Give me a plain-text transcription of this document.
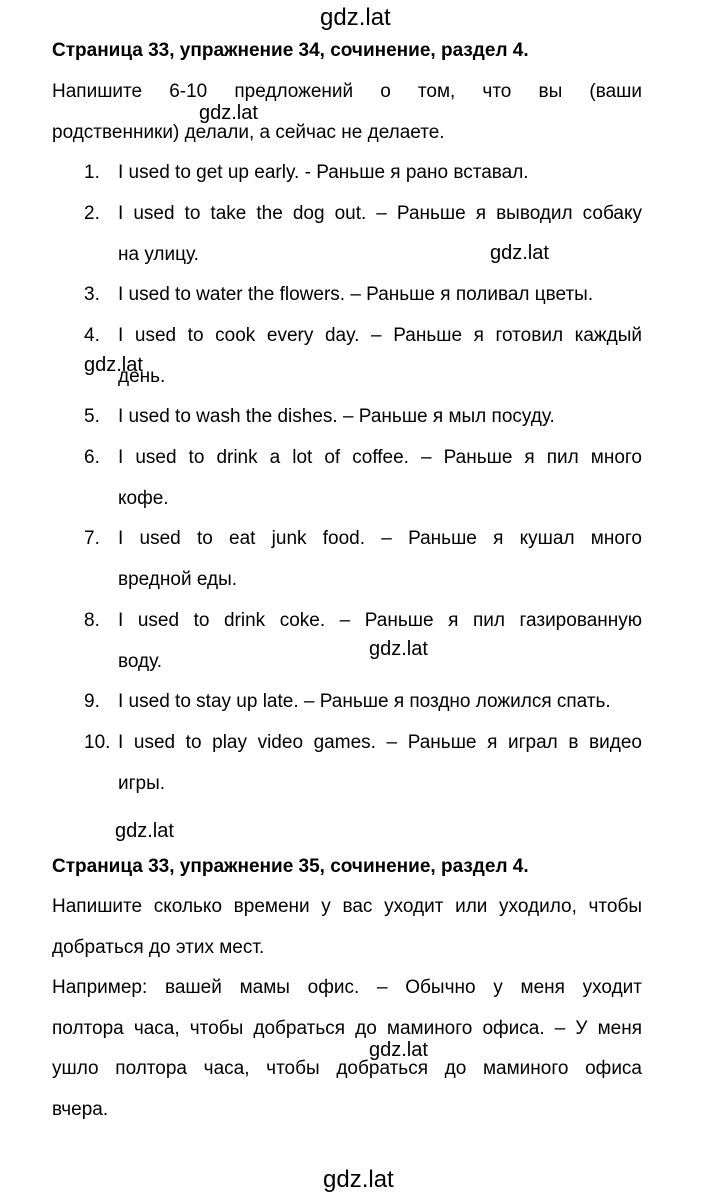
gdz.lat
gdz.lat
gdz.lat
gdz.lat
gdz.lat
gdz.lat
gdz.lat
gdz.lat
Страница 33, упражнение 34, сочинение, раздел 4.
Напишите 6-10 предложений о том, что вы (ваши
родственники) делали, а сейчас не делаете.
1. I used to get up early. - Раньше я рано вставал.
2. I used to take the dog out. – Раньше я выводил собаку
на улицу.
3. I used to water the flowers. – Раньше я поливал цветы.
4. I used to cook every day. – Раньше я готовил каждый
день.
5. I used to wash the dishes. – Раньше я мыл посуду.
6. I used to drink a lot of coffee. – Раньше я пил много
кофе.
7. I used to eat junk food. – Раньше я кушал много
вредной еды.
8. I used to drink coke. – Раньше я пил газированную
воду.
9. I used to stay up late. – Раньше я поздно ложился спать.
10. I used to play video games. – Раньше я играл в видео
игры.
Страница 33, упражнение 35, сочинение, раздел 4.
Напишите сколько времени у вас уходит или уходило, чтобы
добраться до этих мест.
Например: вашей мамы офис. – Обычно у меня уходит
полтора часа, чтобы добраться до маминого офиса. – У меня
ушло полтора часа, чтобы добраться до маминого офиса
вчера.
